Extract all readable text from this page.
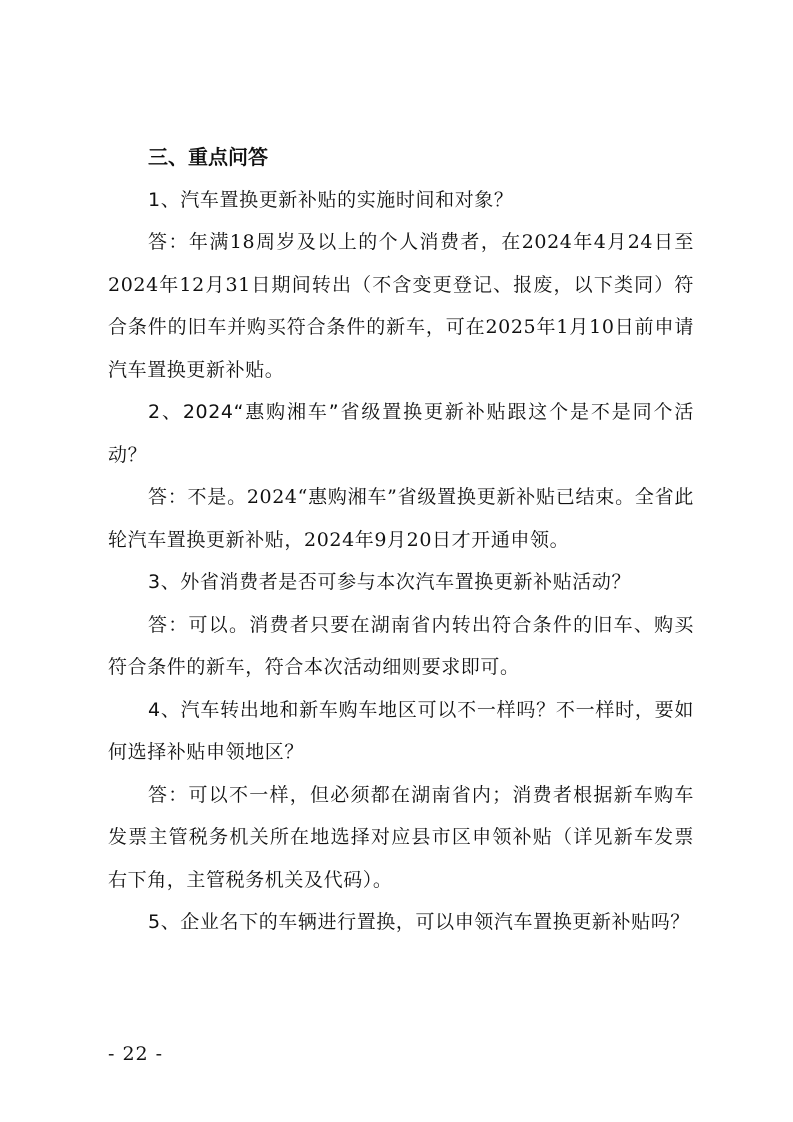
三、重点问答

1、汽车置换更新补贴的实施时间和对象？

答：年满18周岁及以上的个人消费者，在2024年4月24日至2024年12月31日期间转出（不含变更登记、报废，以下类同）符合条件的旧车并购买符合条件的新车，可在2025年1月10日前申请汽车置换更新补贴。

2、2024“惠购湘车”省级置换更新补贴跟这个是不是同个活动？

答：不是。2024“惠购湘车”省级置换更新补贴已结束。全省此轮汽车置换更新补贴，2024年9月20日才开通申领。

3、外省消费者是否可参与本次汽车置换更新补贴活动？

答：可以。消费者只要在湖南省内转出符合条件的旧车、购买符合条件的新车，符合本次活动细则要求即可。

4、汽车转出地和新车购车地区可以不一样吗？不一样时，要如何选择补贴申领地区？

答：可以不一样，但必须都在湖南省内；消费者根据新车购车发票主管税务机关所在地选择对应县市区申领补贴（详见新车发票右下角，主管税务机关及代码）。

5、企业名下的车辆进行置换，可以申领汽车置换更新补贴吗？

- 22 -
